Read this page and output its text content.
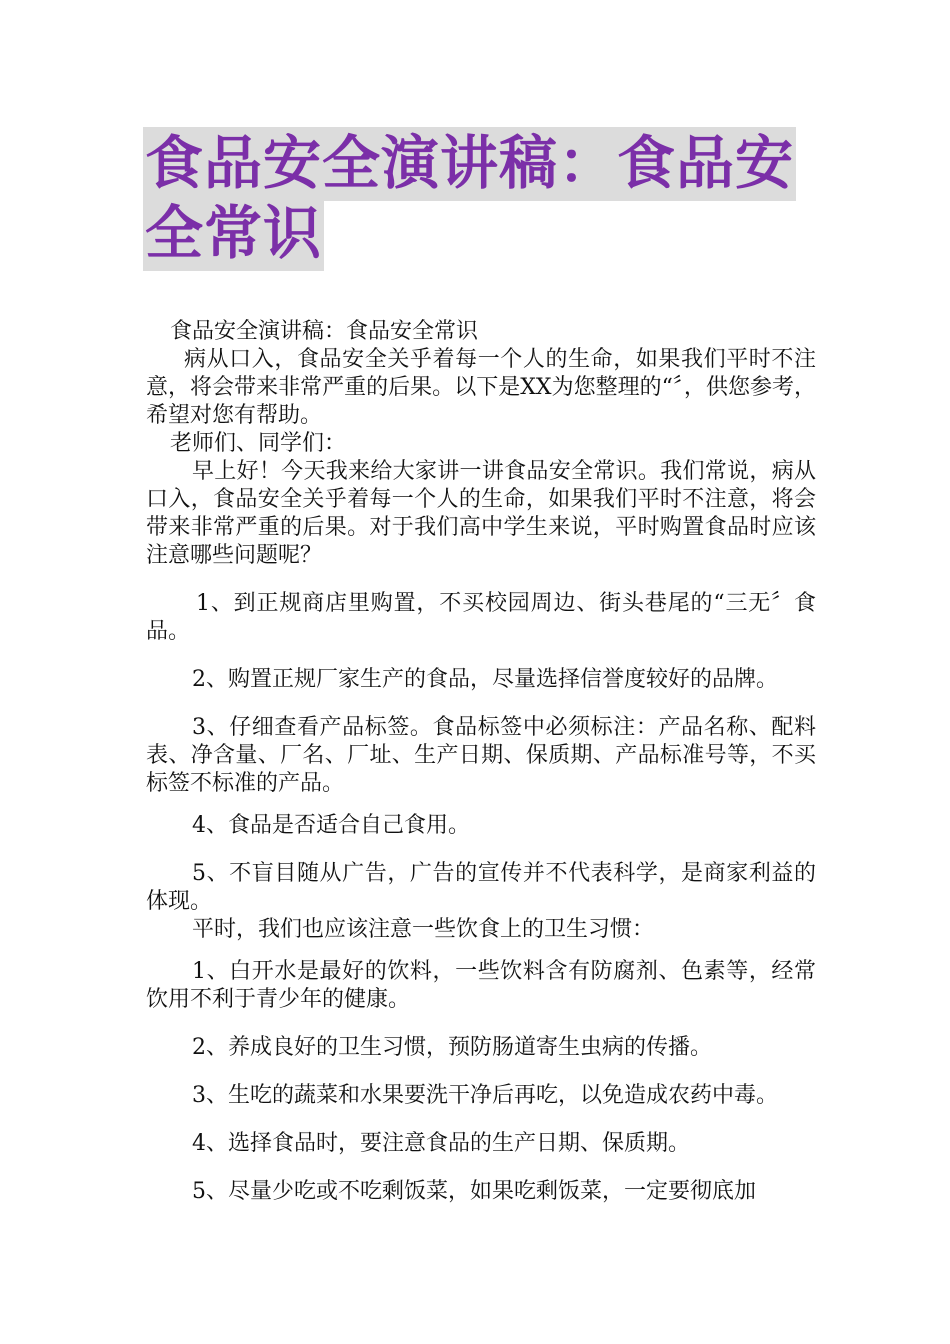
食品安全演讲稿：食品安全常识

食品安全演讲稿：食品安全常识

病从口入，食品安全关乎着每一个人的生命，如果我们平时不注意，将会带来非常严重的后果。以下是XX为您整理的“〞，供您参考，希望对您有帮助。

老师们、同学们：

早上好！今天我来给大家讲一讲食品安全常识。我们常说，病从口入，食品安全关乎着每一个人的生命，如果我们平时不注意，将会带来非常严重的后果。对于我们高中学生来说，平时购置食品时应该注意哪些问题呢？

1、到正规商店里购置，不买校园周边、街头巷尾的“三无〞食品。

2、购置正规厂家生产的食品，尽量选择信誉度较好的品牌。

3、仔细查看产品标签。食品标签中必须标注：产品名称、配料表、净含量、厂名、厂址、生产日期、保质期、产品标准号等，不买标签不标准的产品。

4、食品是否适合自己食用。

5、不盲目随从广告，广告的宣传并不代表科学，是商家利益的体现。

平时，我们也应该注意一些饮食上的卫生习惯：

1、白开水是最好的饮料，一些饮料含有防腐剂、色素等，经常饮用不利于青少年的健康。

2、养成良好的卫生习惯，预防肠道寄生虫病的传播。

3、生吃的蔬菜和水果要洗干净后再吃，以免造成农药中毒。

4、选择食品时，要注意食品的生产日期、保质期。

5、尽量少吃或不吃剩饭菜，如果吃剩饭菜，一定要彻底加
